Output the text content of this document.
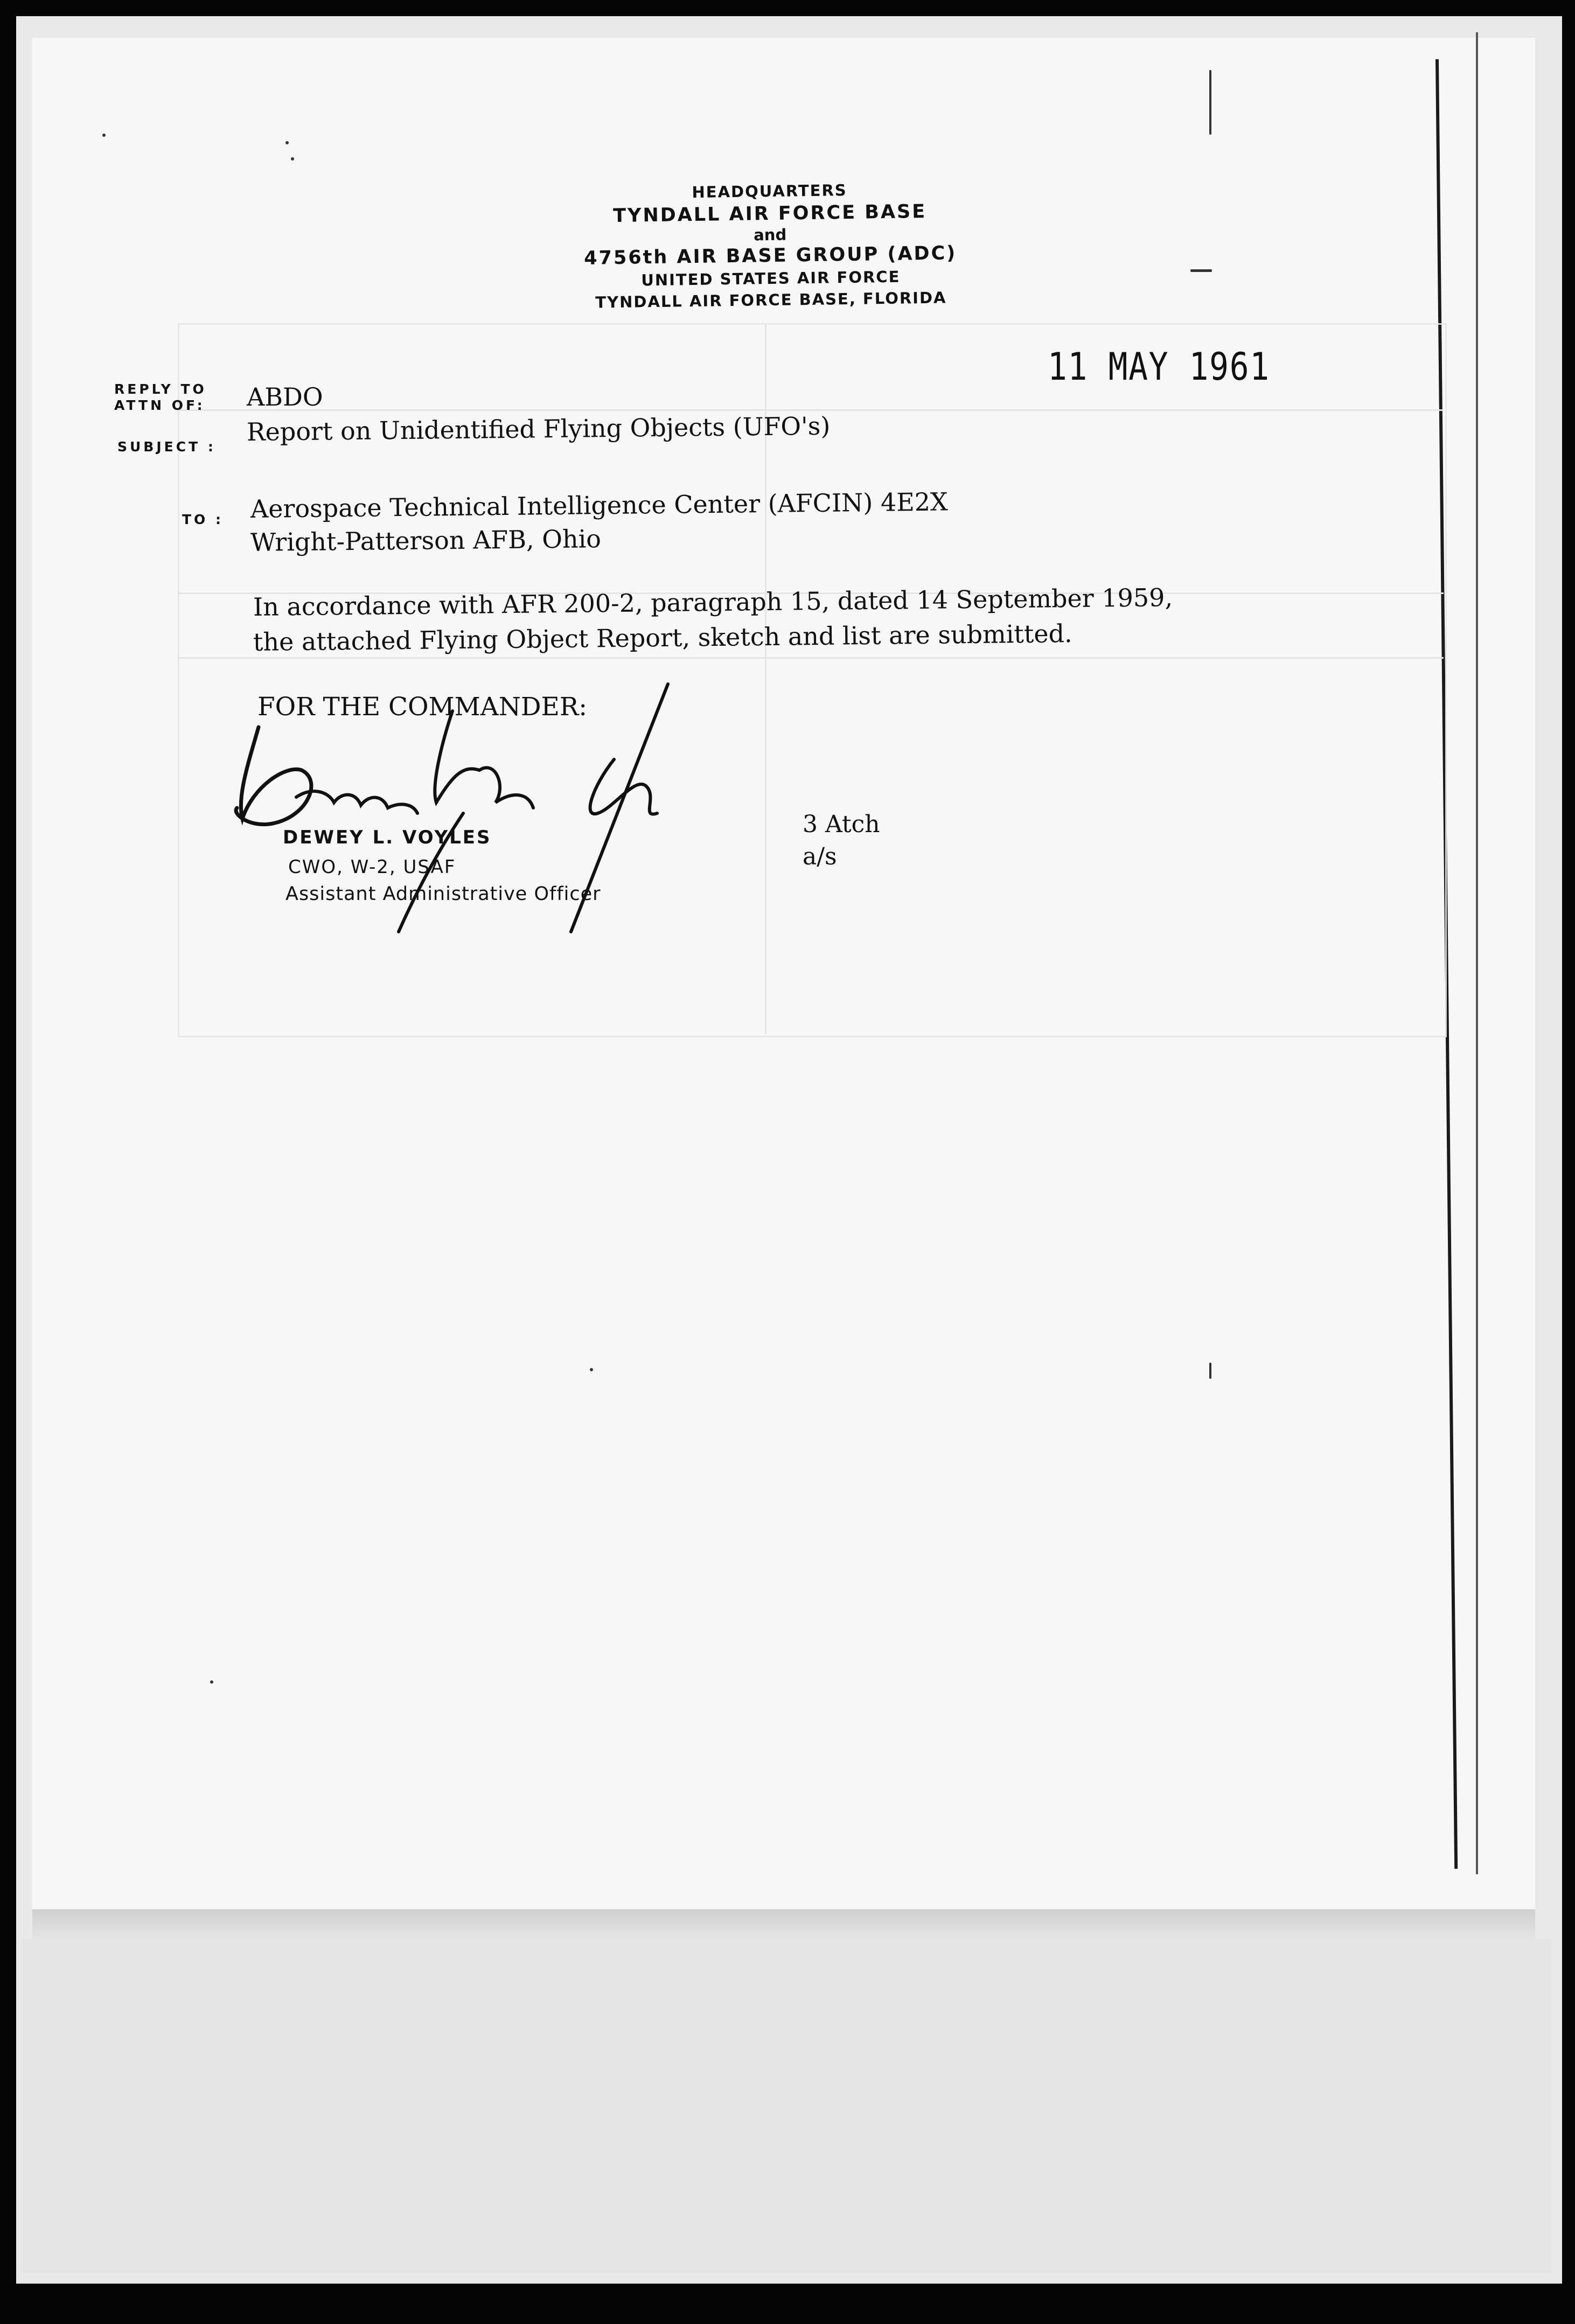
HEADQUARTERS
TYNDALL AIR FORCE BASE
and
4756th AIR BASE GROUP (ADC)
UNITED STATES AIR FORCE
TYNDALL AIR FORCE BASE, FLORIDA
11 MAY 1961
REPLY TO
ATTN OF: ABDO
SUBJECT :
Report on Unidentified Flying Objects (UFO's)
TO : Aerospace Technical Intelligence Center (AFCIN) 4E2X
Wright-Patterson AFB, Ohio
In accordance with AFR 200-2, paragraph 15, dated 14 September 1959,
the attached Flying Object Report, sketch and list are submitted.
FOR THE COMMANDER:
DEWEY L. VOYLES
CWO, W-2, USAF
Assistant Administrative Officer
3 Atch
a/s
